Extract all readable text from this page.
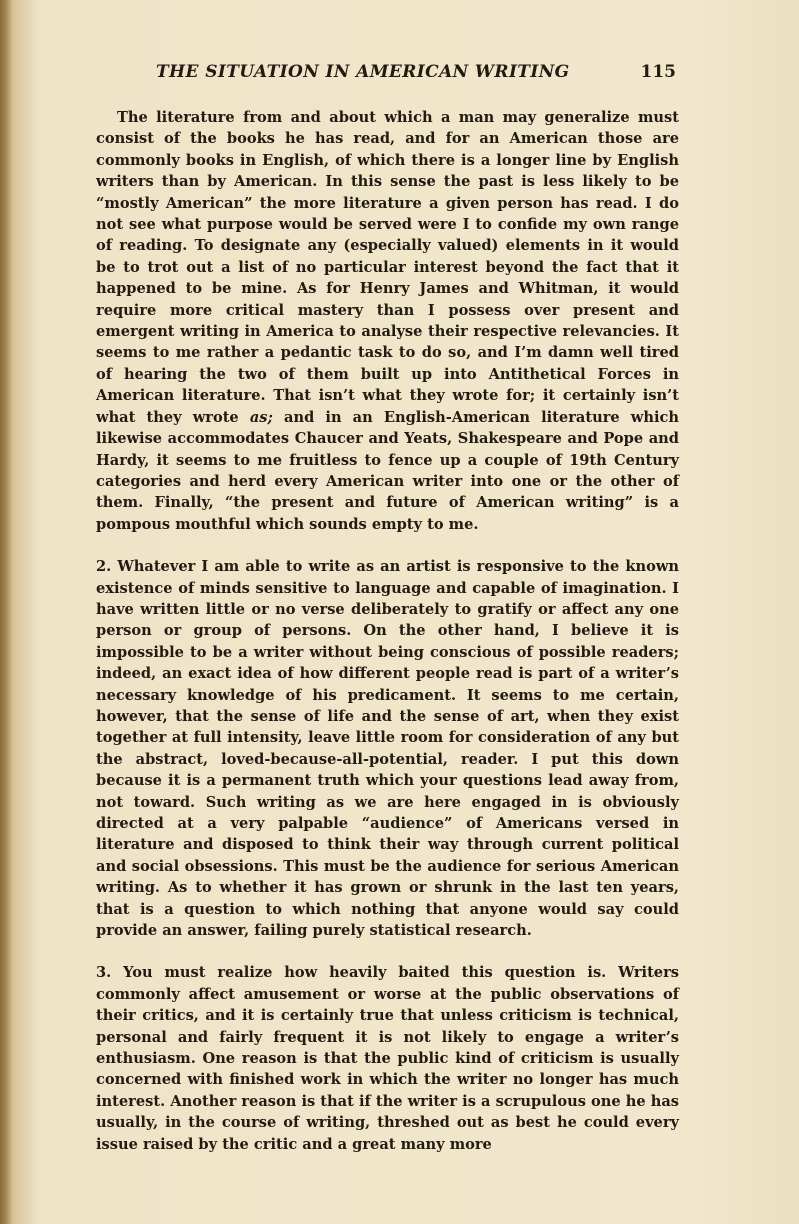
THE SITUATION IN AMERICAN WRITING	115

The literature from and about which a man may generalize must consist of the books he has read, and for an American those are commonly books in English, of which there is a longer line by English writers than by American. In this sense the past is less likely to be “mostly American” the more literature a given person has read. I do not see what purpose would be served were I to confide my own range of reading. To designate any (especially valued) elements in it would be to trot out a list of no particular interest beyond the fact that it happened to be mine. As for Henry James and Whitman, it would require more critical mastery than I possess over present and emergent writing in America to analyse their respective relevancies. It seems to me rather a pedantic task to do so, and I’m damn well tired of hearing the two of them built up into Antithetical Forces in American literature. That isn’t what they wrote for; it certainly isn’t what they wrote as; and in an English-American literature which likewise accommodates Chaucer and Yeats, Shakespeare and Pope and Hardy, it seems to me fruitless to fence up a couple of 19th Century categories and herd every American writer into one or the other of them. Finally, “the present and future of American writing” is a pompous mouthful which sounds empty to me.

2. Whatever I am able to write as an artist is responsive to the known existence of minds sensitive to language and capable of imagination. I have written little or no verse deliberately to gratify or affect any one person or group of persons. On the other hand, I believe it is impossible to be a writer without being conscious of possible readers; indeed, an exact idea of how different people read is part of a writer’s necessary knowledge of his predicament. It seems to me certain, however, that the sense of life and the sense of art, when they exist together at full intensity, leave little room for consideration of any but the abstract, loved-because-all-potential, reader. I put this down because it is a permanent truth which your questions lead away from, not toward. Such writing as we are here engaged in is obviously directed at a very palpable “audience” of Americans versed in literature and disposed to think their way through current political and social obsessions. This must be the audience for serious American writing. As to whether it has grown or shrunk in the last ten years, that is a question to which nothing that anyone would say could provide an answer, failing purely statistical research.

3. You must realize how heavily baited this question is. Writers commonly affect amusement or worse at the public observations of their critics, and it is certainly true that unless criticism is technical, personal and fairly frequent it is not likely to engage a writer’s enthusiasm. One reason is that the public kind of criticism is usually concerned with finished work in which the writer no longer has much interest. Another reason is that if the writer is a scrupulous one he has usually, in the course of writing, threshed out as best he could every issue raised by the critic and a great many more
